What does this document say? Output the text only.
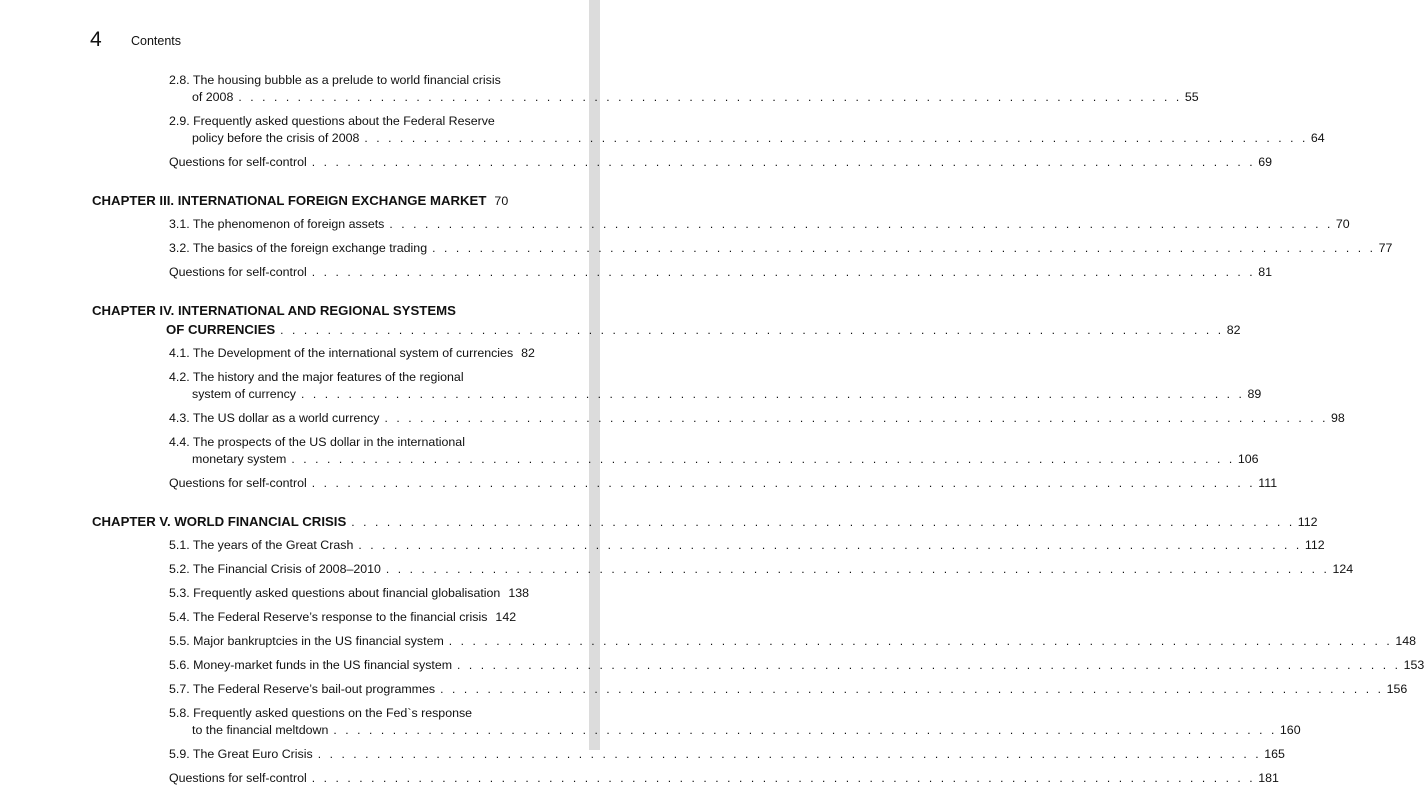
4 Contents
2.8. The housing bubble as a prelude to world financial crisis
of 2008 . . . . . . . . . . . . . . . . . . . . . . . . . . . . . . . . . . . . . . . . . . . . . . . . . . . . . . . . . . . . . . . . . . . . . . . . . . . . . . . . 55
2.9. Frequently asked questions about the Federal Reserve
policy before the crisis of 2008 . . . . . . . . . . . . . . . . . . . . . . . . . . . . . . . . . . . . . . . . . . . . . . . . . . . . . . . . . . . . . . . . . . . . . . . . . . . . . . . . 64
Questions for self-control . . . . . . . . . . . . . . . . . . . . . . . . . . . . . . . . . . . . . . . . . . . . . . . . . . . . . . . . . . . . . . . . . . . . . . . . . . . . . . . . 69
CHAPTER III. INTERNATIONAL FOREIGN EXCHANGE MARKET 70
3.1. The phenomenon of foreign assets . . . . . . . . . . . . . . . . . . . . . . . . . . . . . . . . . . . . . . . . . . . . . . . . . . . . . . . . . . . . . . . . . . . . . . . . . . . . . . . . 70
3.2. The basics of the foreign exchange trading . . . . . . . . . . . . . . . . . . . . . . . . . . . . . . . . . . . . . . . . . . . . . . . . . . . . . . . . . . . . . . . . . . . . . . . . . . . . . . . . 77
Questions for self-control . . . . . . . . . . . . . . . . . . . . . . . . . . . . . . . . . . . . . . . . . . . . . . . . . . . . . . . . . . . . . . . . . . . . . . . . . . . . . . . . 81
CHAPTER IV. INTERNATIONAL AND REGIONAL SYSTEMS
OF CURRENCIES . . . . . . . . . . . . . . . . . . . . . . . . . . . . . . . . . . . . . . . . . . . . . . . . . . . . . . . . . . . . . . . . . . . . . . . . . . . . . . . . 82
4.1. The Development of the international system of currencies 82
4.2. The history and the major features of the regional
system of currency . . . . . . . . . . . . . . . . . . . . . . . . . . . . . . . . . . . . . . . . . . . . . . . . . . . . . . . . . . . . . . . . . . . . . . . . . . . . . . . . 89
4.3. The US dollar as a world currency . . . . . . . . . . . . . . . . . . . . . . . . . . . . . . . . . . . . . . . . . . . . . . . . . . . . . . . . . . . . . . . . . . . . . . . . . . . . . . . . 98
4.4. The prospects of the US dollar in the international
monetary system . . . . . . . . . . . . . . . . . . . . . . . . . . . . . . . . . . . . . . . . . . . . . . . . . . . . . . . . . . . . . . . . . . . . . . . . . . . . . . . . 106
Questions for self-control . . . . . . . . . . . . . . . . . . . . . . . . . . . . . . . . . . . . . . . . . . . . . . . . . . . . . . . . . . . . . . . . . . . . . . . . . . . . . . . . 111
CHAPTER V. WORLD FINANCIAL CRISIS . . . . . . . . . . . . . . . . . . . . . . . . . . . . . . . . . . . . . . . . . . . . . . . . . . . . . . . . . . . . . . . . . . . . . . . . . . . . . . . . 112
5.1. The years of the Great Crash . . . . . . . . . . . . . . . . . . . . . . . . . . . . . . . . . . . . . . . . . . . . . . . . . . . . . . . . . . . . . . . . . . . . . . . . . . . . . . . . 112
5.2. The Financial Crisis of 2008–2010 . . . . . . . . . . . . . . . . . . . . . . . . . . . . . . . . . . . . . . . . . . . . . . . . . . . . . . . . . . . . . . . . . . . . . . . . . . . . . . . . 124
5.3. Frequently asked questions about financial globalisation 138
5.4. The Federal Reserve’s response to the financial crisis 142
5.5. Major bankruptcies in the US financial system . . . . . . . . . . . . . . . . . . . . . . . . . . . . . . . . . . . . . . . . . . . . . . . . . . . . . . . . . . . . . . . . . . . . . . . . . . . . . . . . 148
5.6. Money-market funds in the US financial system . . . . . . . . . . . . . . . . . . . . . . . . . . . . . . . . . . . . . . . . . . . . . . . . . . . . . . . . . . . . . . . . . . . . . . . . . . . . . . . . 153
5.7. The Federal Reserve’s bail-out programmes . . . . . . . . . . . . . . . . . . . . . . . . . . . . . . . . . . . . . . . . . . . . . . . . . . . . . . . . . . . . . . . . . . . . . . . . . . . . . . . . 156
5.8. Frequently asked questions on the Fed`s response
to the financial meltdown . . . . . . . . . . . . . . . . . . . . . . . . . . . . . . . . . . . . . . . . . . . . . . . . . . . . . . . . . . . . . . . . . . . . . . . . . . . . . . . . 160
5.9. The Great Euro Crisis . . . . . . . . . . . . . . . . . . . . . . . . . . . . . . . . . . . . . . . . . . . . . . . . . . . . . . . . . . . . . . . . . . . . . . . . . . . . . . . . 165
Questions for self-control . . . . . . . . . . . . . . . . . . . . . . . . . . . . . . . . . . . . . . . . . . . . . . . . . . . . . . . . . . . . . . . . . . . . . . . . . . . . . . . . 181
